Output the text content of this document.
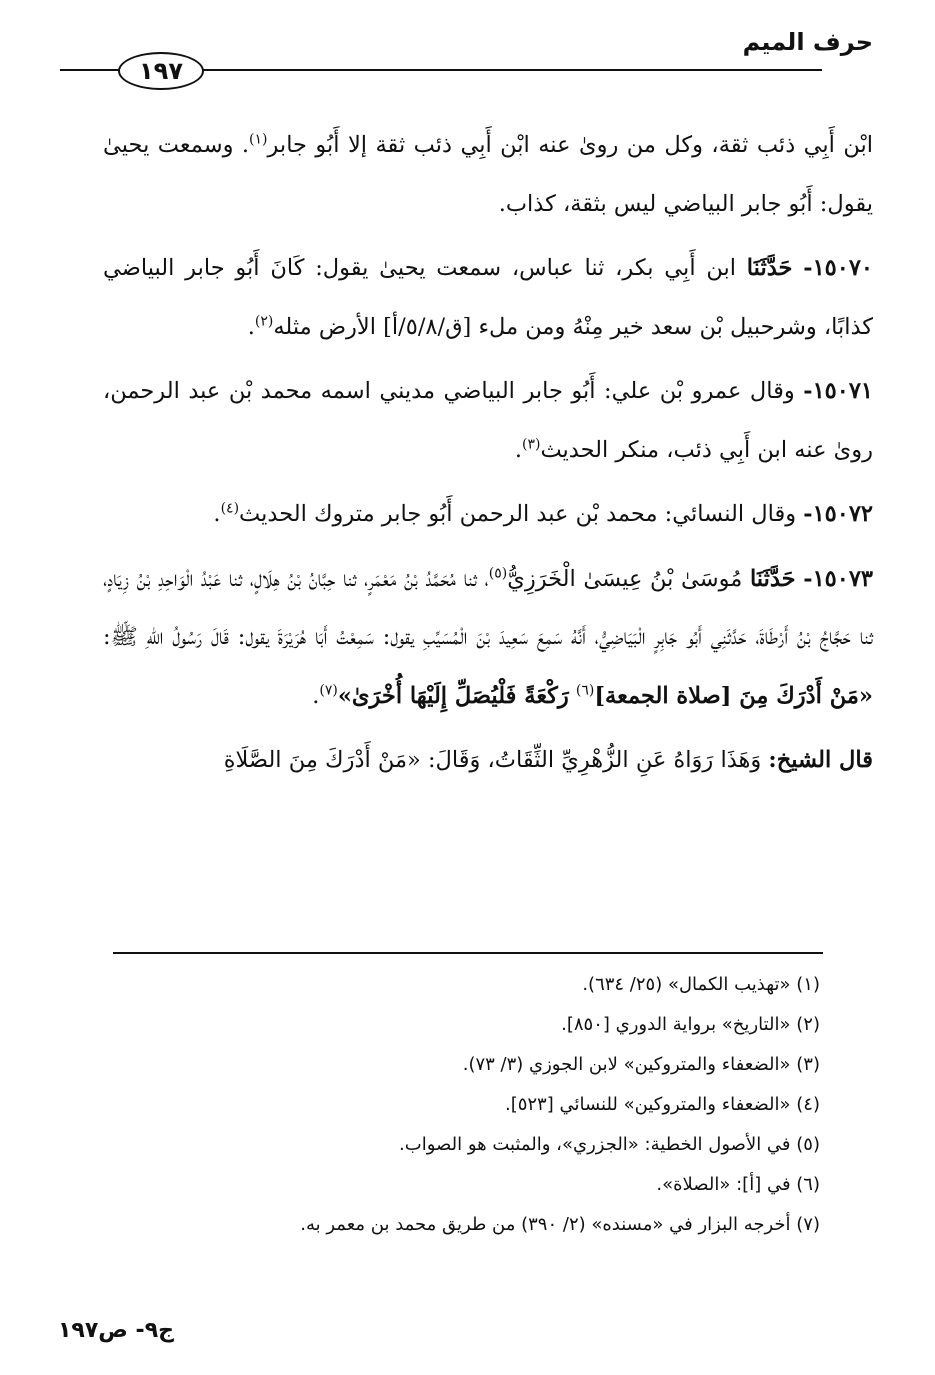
حرف الميم
١٩٧

ابْن أَبِي ذئب ثقة، وكل من روىٰ عنه ابْن أَبِي ذئب ثقة إلا أَبُو جابر$^{(١)}$. وسمعت يحيىٰ يقول: أَبُو جابر البياضي ليس بثقة، كذاب.

١٥٠٧٠- حَدَّثَنَا ابن أَبِي بكر، ثنا عباس، سمعت يحيىٰ يقول: كَانَ أَبُو جابر البياضي كذابًا، وشرحبيل بْن سعد خير مِنْهُ ومن ملء [ق/٥/٨/أ] الأرض مثله$^{(٢)}$.

١٥٠٧١- وقال عمرو بْن علي: أَبُو جابر البياضي مديني اسمه محمد بْن عبد الرحمن، روىٰ عنه ابن أَبِي ذئب، منكر الحديث$^{(٣)}$.

١٥٠٧٢- وقال النسائي: محمد بْن عبد الرحمن أَبُو جابر متروك الحديث$^{(٤)}$.

١٥٠٧٣- حَدَّثَنَا مُوسَىٰ بْنُ عِيسَىٰ الْخَرَزِيُّ$^{(٥)}$، ثنا مُحَمَّدُ بْنُ مَعْمَرٍ، ثنا حِبَّانُ بْنُ هِلَالٍ، ثنا عَبْدُ الْوَاحِدِ بْنُ زِيَادٍ، ثنا حَجَّاجُ بْنُ أَرْطَاةَ، حَدَّثَنِي أَبُو جَابِرٍ الْبَيَاضِيُّ، أَنَّهُ سَمِعَ سَعِيدَ بْنَ الْمُسَيِّبِ يقول: سَمِعْتُ أَبَا هُرَيْرَةَ يقول: قَالَ رَسُولُ اللهِ ﷺ: «مَنْ أَدْرَكَ مِنَ [صلاة الجمعة]$^{(٦)}$ رَكْعَةً فَلْيُصَلِّ إِلَيْهَا أُخْرَىٰ»$^{(٧)}$.

قال الشيخ: وَهَذَا رَوَاهُ عَنِ الزُّهْرِيِّ الثِّقَاتُ، وَقَالَ: «مَنْ أَدْرَكَ مِنَ الصَّلَاةِ

(١) «تهذيب الكمال» (٢٥/ ٦٣٤).
(٢) «التاريخ» برواية الدوري [٨٥٠].
(٣) «الضعفاء والمتروكين» لابن الجوزي (٣/ ٧٣).
(٤) «الضعفاء والمتروكين» للنسائي [٥٢٣].
(٥) في الأصول الخطية: «الجزري»، والمثبت هو الصواب.
(٦) في [أ]: «الصلاة».
(٧) أخرجه البزار في «مسنده» (٢/ ٣٩٠) من طريق محمد بن معمر به.
ج٩- ص١٩٧
